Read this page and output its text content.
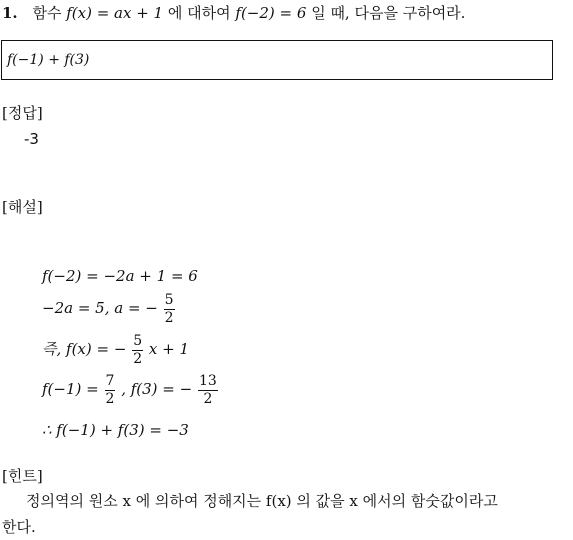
1. 함수 f(x) = ax + 1 에 대하여 f(−2) = 6 일 때, 다음을 구하여라.
f(−1) + f(3)
[정답]
-3
[해설]
f(−2) = −2a + 1 = 6
−2a = 5, a = − $\frac{5}{2}$
즉, f(x) = − $\frac{5}{2}$ x + 1
$f(-1) = \frac{7}{2}$ , f(3) = − $\frac{13}{2}$
∴ f(−1) + f(3) = −3
[힌트]

정의역의 원소 x 에 의하여 정해지는 f(x) 의 값을 x 에서의 함숫값이라고

한다.
